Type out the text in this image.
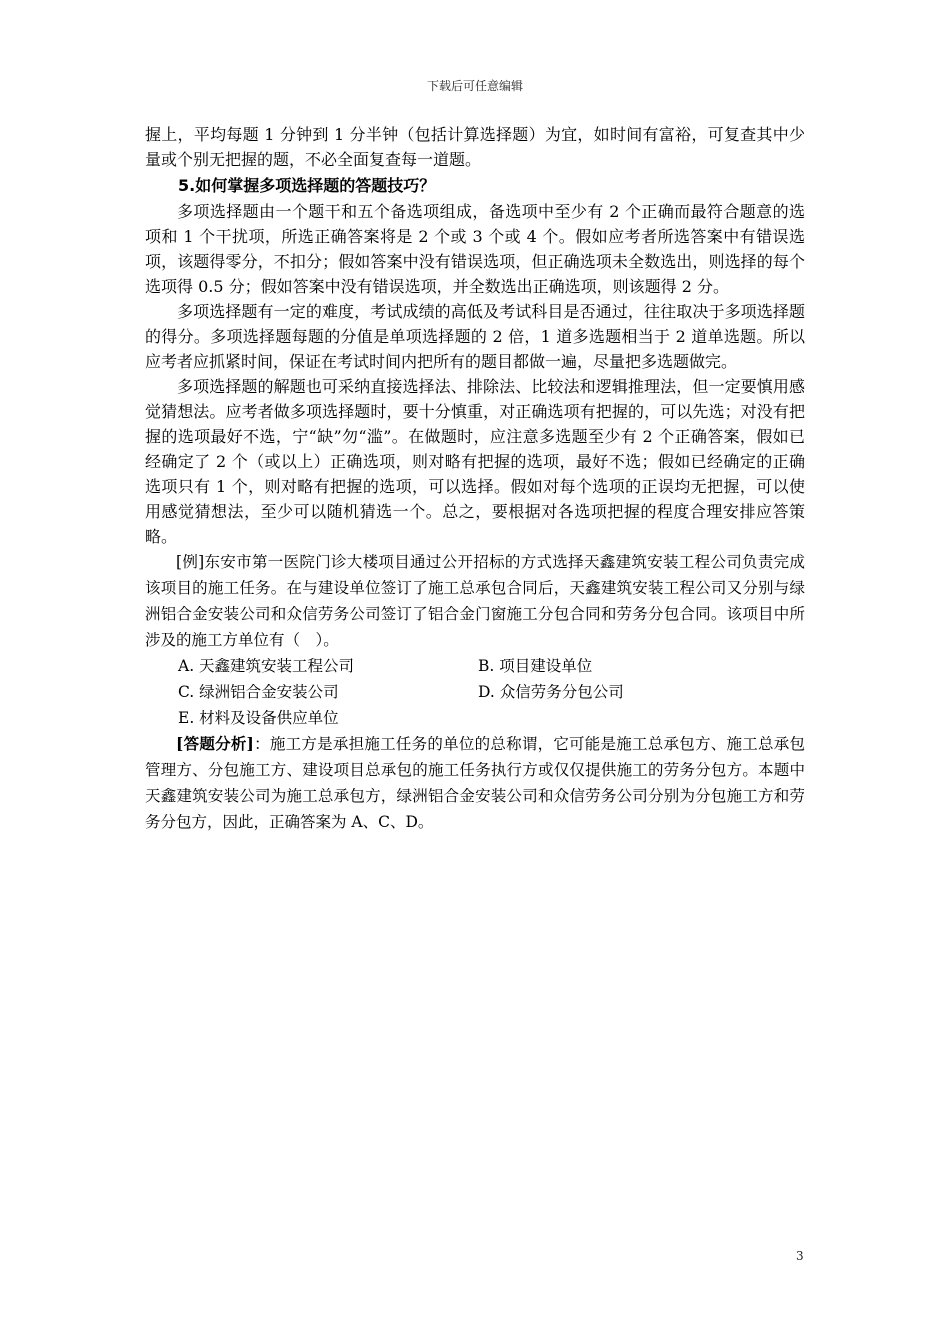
下载后可任意编辑

握上，平均每题 1 分钟到 1 分半钟（包括计算选择题）为宜，如时间有富裕，可复查其中少量或个别无把握的题，不必全面复查每一道题。

5.如何掌握多项选择题的答题技巧？

多项选择题由一个题干和五个备选项组成，备选项中至少有 2 个正确而最符合题意的选项和 1 个干扰项，所选正确答案将是 2 个或 3 个或 4 个。假如应考者所选答案中有错误选项，该题得零分，不扣分；假如答案中没有错误选项，但正确选项未全数选出，则选择的每个选项得 0.5 分；假如答案中没有错误选项，并全数选出正确选项，则该题得 2 分。

多项选择题有一定的难度，考试成绩的高低及考试科目是否通过，往往取决于多项选择题的得分。多项选择题每题的分值是单项选择题的 2 倍，1 道多选题相当于 2 道单选题。所以应考者应抓紧时间，保证在考试时间内把所有的题目都做一遍，尽量把多选题做完。

多项选择题的解题也可采纳直接选择法、排除法、比较法和逻辑推理法，但一定要慎用感觉猜想法。应考者做多项选择题时，要十分慎重，对正确选项有把握的，可以先选；对没有把握的选项最好不选，宁“缺”勿“滥”。在做题时，应注意多选题至少有 2 个正确答案，假如已经确定了 2 个（或以上）正确选项，则对略有把握的选项，最好不选；假如已经确定的正确选项只有 1 个，则对略有把握的选项，可以选择。假如对每个选项的正误均无把握，可以使用感觉猜想法，至少可以随机猜选一个。总之，要根据对各选项把握的程度合理安排应答策略。

[例]东安市第一医院门诊大楼项目通过公开招标的方式选择天鑫建筑安装工程公司负责完成该项目的施工任务。在与建设单位签订了施工总承包合同后，天鑫建筑安装工程公司又分别与绿洲铝合金安装公司和众信劳务公司签订了铝合金门窗施工分包合同和劳务分包合同。该项目中所涉及的施工方单位有（　）。

A. 天鑫建筑安装工程公司	B. 项目建设单位
C. 绿洲铝合金安装公司	D. 众信劳务分包公司
E. 材料及设备供应单位

[答题分析]：施工方是承担施工任务的单位的总称谓，它可能是施工总承包方、施工总承包管理方、分包施工方、建设项目总承包的施工任务执行方或仅仅提供施工的劳务分包方。本题中天鑫建筑安装公司为施工总承包方，绿洲铝合金安装公司和众信劳务公司分别为分包施工方和劳务分包方，因此，正确答案为 A、C、D。

3
